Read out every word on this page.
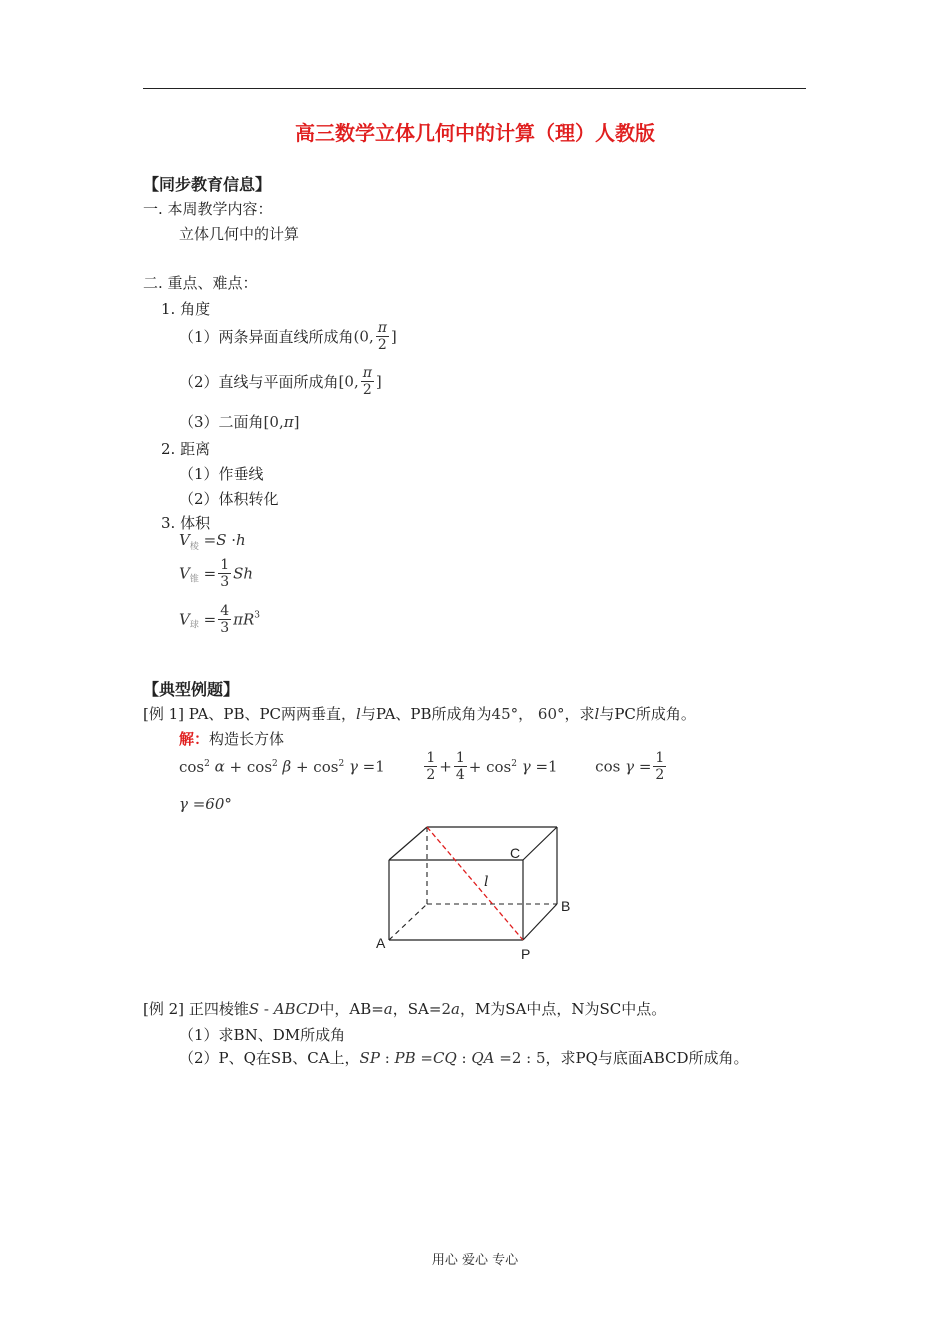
高三数学立体几何中的计算（理）人教版
【同步教育信息】
一. 本周教学内容：
立体几何中的计算
二. 重点、难点：
1. 角度
（1）两条异面直线所成角(0, $\frac{\pi}{2}$ ]
（2）直线与平面所成角[0, $\frac{\pi}{2}$ ]
（3）二面角[0,π]
2. 距离
（1）作垂线
（2）体积转化
3. 体积
$V_棱 =S \cdot h$
$V_锥 = \frac{1}{3}$ Sh
$V_球 = \frac{4}{3} \pi R^3$
【典型例题】
[例 1] PA、PB、PC两两垂直，l与PA、PB所成角为45°， 60°，求l与PC所成角。
解：构造长方体
$\cos^2 \alpha + \cos^2 \beta + \cos^2 \gamma =1$	$\frac{1}{2} + \frac{1}{4} + \cos^2 \gamma =1$	$\cos \gamma = \frac{1}{2}$
γ =60°
A
B
C
P
l
[例 2] 正四棱锥S - ABCD中，AB=a，SA=2a，M为SA中点，N为SC中点。
（1）求BN、DM所成角
（2）P、Q在SB、CA上，SP : PB =CQ : QA =2 : 5，求PQ与底面ABCD所成角。
用心 爱心 专心
